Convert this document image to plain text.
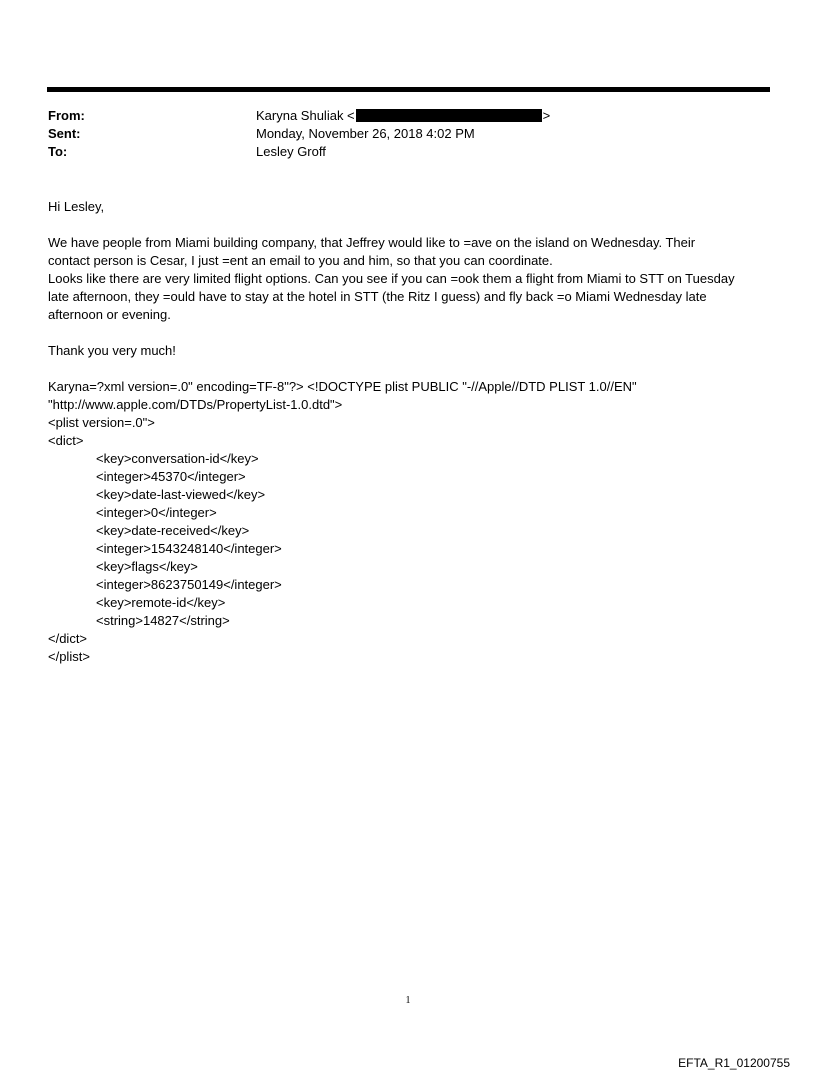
From:	Karyna Shuliak <	>
Sent:	Monday, November 26, 2018 4:02 PM
To:	Lesley Groff

Hi Lesley,

We have people from Miami building company, that Jeffrey would like to =ave on the island on Wednesday. Their

contact person is Cesar, I just =ent an email to you and him, so that you can coordinate.

Looks like there are very limited flight options. Can you see if you can =ook them a flight from Miami to STT on Tuesday

late afternoon, they =ould have to stay at the hotel in STT (the Ritz I guess) and fly back =o Miami Wednesday late

afternoon or evening.

Thank you very much!

Karyna=?xml version=.0" encoding=TF-8"?> <!DOCTYPE plist PUBLIC "-//Apple//DTD PLIST 1.0//EN"

"http://www.apple.com/DTDs/PropertyList-1.0.dtd">

<plist version=.0">

<dict>

<key>conversation-id</key>

<integer>45370</integer>

<key>date-last-viewed</key>

<integer>0</integer>

<key>date-received</key>

<integer>1543248140</integer>

<key>flags</key>

<integer>8623750149</integer>

<key>remote-id</key>

<string>14827</string>

</dict>

</plist>

1
EFTA_R1_01200755
